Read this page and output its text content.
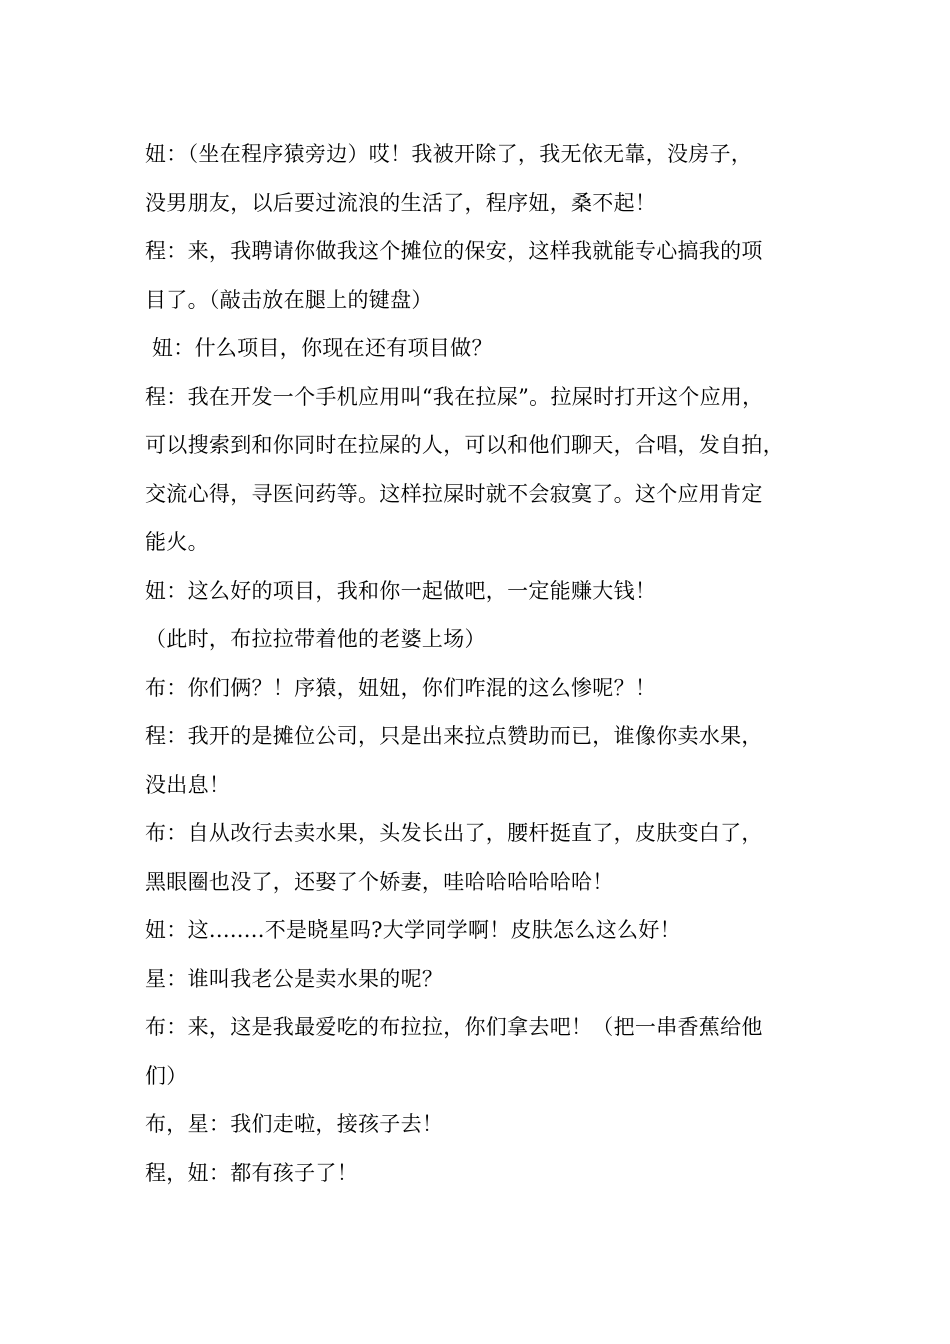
妞：（坐在程序猿旁边）哎！我被开除了，我无依无靠，没房子，

没男朋友，以后要过流浪的生活了，程序妞，桑不起！

程：来，我聘请你做我这个摊位的保安，这样我就能专心搞我的项

目了。（敲击放在腿上的键盘）

妞：什么项目，你现在还有项目做？

程：我在开发一个手机应用叫“我在拉屎”。拉屎时打开这个应用，

可以搜索到和你同时在拉屎的人，可以和他们聊天，合唱，发自拍，

交流心得，寻医问药等。这样拉屎时就不会寂寞了。这个应用肯定

能火。

妞：这么好的项目，我和你一起做吧，一定能赚大钱！

（此时，布拉拉带着他的老婆上场）

布：你们俩？！序猿，妞妞，你们咋混的这么惨呢？！

程：我开的是摊位公司，只是出来拉点赞助而已，谁像你卖水果，

没出息！

布：自从改行去卖水果，头发长出了，腰杆挺直了，皮肤变白了，

黑眼圈也没了，还娶了个娇妻，哇哈哈哈哈哈哈！

妞：这........不是晓星吗?大学同学啊！皮肤怎么这么好！

星：谁叫我老公是卖水果的呢？

布：来，这是我最爱吃的布拉拉，你们拿去吧！（把一串香蕉给他

们）

布，星：我们走啦，接孩子去！

程，妞：都有孩子了！
